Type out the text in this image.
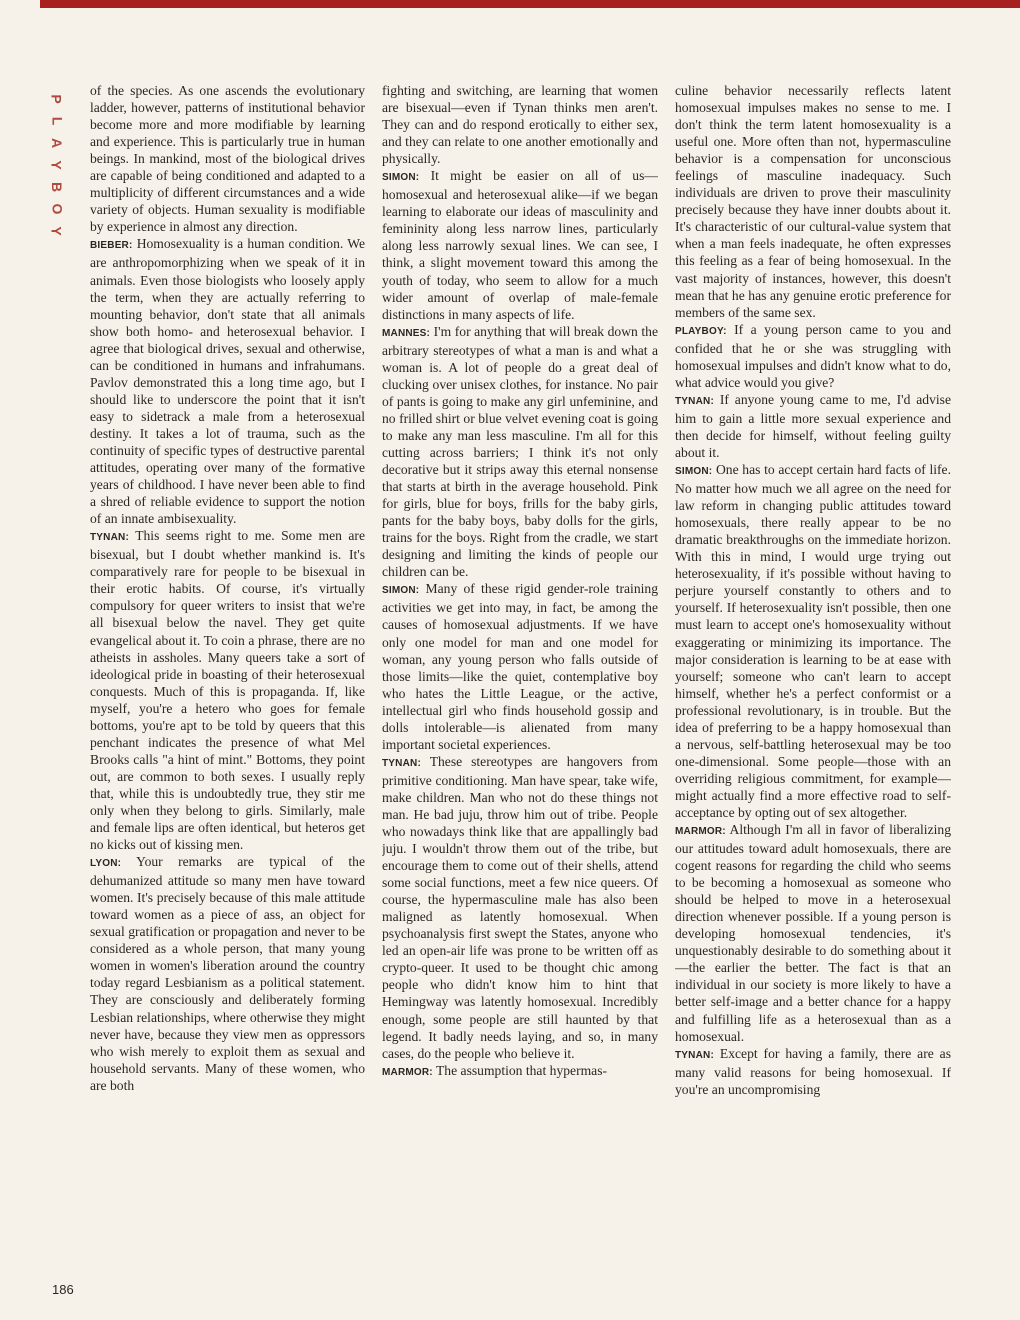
P
L
A
Y
B
O
Y

of the species. As one ascends the evolutionary ladder, however, patterns of institutional behavior become more and more modifiable by learning and experience. This is particularly true in human beings. In mankind, most of the biological drives are capable of being conditioned and adapted to a multiplicity of different circumstances and a wide variety of objects. Human sexuality is modifiable by experience in almost any direction.

BIEBER: Homosexuality is a human condition. We are anthropomorphizing when we speak of it in animals. Even those biologists who loosely apply the term, when they are actually referring to mounting behavior, don't state that all animals show both homo- and heterosexual behavior. I agree that biological drives, sexual and otherwise, can be conditioned in humans and infrahumans. Pavlov demonstrated this a long time ago, but I should like to underscore the point that it isn't easy to sidetrack a male from a heterosexual destiny. It takes a lot of trauma, such as the continuity of specific types of destructive parental attitudes, operating over many of the formative years of childhood. I have never been able to find a shred of reliable evidence to support the notion of an innate ambisexuality.

TYNAN: This seems right to me. Some men are bisexual, but I doubt whether mankind is. It's comparatively rare for people to be bisexual in their erotic habits. Of course, it's virtually compulsory for queer writers to insist that we're all bisexual below the navel. They get quite evangelical about it. To coin a phrase, there are no atheists in assholes. Many queers take a sort of ideological pride in boasting of their heterosexual conquests. Much of this is propaganda. If, like myself, you're a hetero who goes for female bottoms, you're apt to be told by queers that this penchant indicates the presence of what Mel Brooks calls "a hint of mint." Bottoms, they point out, are common to both sexes. I usually reply that, while this is undoubtedly true, they stir me only when they belong to girls. Similarly, male and female lips are often identical, but heteros get no kicks out of kissing men.

LYON: Your remarks are typical of the dehumanized attitude so many men have toward women. It's precisely because of this male attitude toward women as a piece of ass, an object for sexual gratification or propagation and never to be considered as a whole person, that many young women in women's liberation around the country today regard Lesbianism as a political statement. They are consciously and deliberately forming Lesbian relationships, where otherwise they might never have, because they view men as oppressors who wish merely to exploit them as sexual and household servants. Many of these women, who are both

fighting and switching, are learning that women are bisexual—even if Tynan thinks men aren't. They can and do respond erotically to either sex, and they can relate to one another emotionally and physically.

SIMON: It might be easier on all of us—homosexual and heterosexual alike—if we began learning to elaborate our ideas of masculinity and femininity along less narrow lines, particularly along less narrowly sexual lines. We can see, I think, a slight movement toward this among the youth of today, who seem to allow for a much wider amount of overlap of male-female distinctions in many aspects of life.

MANNES: I'm for anything that will break down the arbitrary stereotypes of what a man is and what a woman is. A lot of people do a great deal of clucking over unisex clothes, for instance. No pair of pants is going to make any girl unfeminine, and no frilled shirt or blue velvet evening coat is going to make any man less masculine. I'm all for this cutting across barriers; I think it's not only decorative but it strips away this eternal nonsense that starts at birth in the average household. Pink for girls, blue for boys, frills for the baby girls, pants for the baby boys, baby dolls for the girls, trains for the boys. Right from the cradle, we start designing and limiting the kinds of people our children can be.

SIMON: Many of these rigid gender-role training activities we get into may, in fact, be among the causes of homosexual adjustments. If we have only one model for man and one model for woman, any young person who falls outside of those limits—like the quiet, contemplative boy who hates the Little League, or the active, intellectual girl who finds household gossip and dolls intolerable—is alienated from many important societal experiences.

TYNAN: These stereotypes are hangovers from primitive conditioning. Man have spear, take wife, make children. Man who not do these things not man. He bad juju, throw him out of tribe. People who nowadays think like that are appallingly bad juju. I wouldn't throw them out of the tribe, but encourage them to come out of their shells, attend some social functions, meet a few nice queers. Of course, the hypermasculine male has also been maligned as latently homosexual. When psychoanalysis first swept the States, anyone who led an open-air life was prone to be written off as crypto-queer. It used to be thought chic among people who didn't know him to hint that Hemingway was latently homosexual. Incredibly enough, some people are still haunted by that legend. It badly needs laying, and so, in many cases, do the people who believe it.

MARMOR: The assumption that hypermas-

culine behavior necessarily reflects latent homosexual impulses makes no sense to me. I don't think the term latent homosexuality is a useful one. More often than not, hypermasculine behavior is a compensation for unconscious feelings of masculine inadequacy. Such individuals are driven to prove their masculinity precisely because they have inner doubts about it. It's characteristic of our cultural-value system that when a man feels inadequate, he often expresses this feeling as a fear of being homosexual. In the vast majority of instances, however, this doesn't mean that he has any genuine erotic preference for members of the same sex.

PLAYBOY: If a young person came to you and confided that he or she was struggling with homosexual impulses and didn't know what to do, what advice would you give?

TYNAN: If anyone young came to me, I'd advise him to gain a little more sexual experience and then decide for himself, without feeling guilty about it.

SIMON: One has to accept certain hard facts of life. No matter how much we all agree on the need for law reform in changing public attitudes toward homosexuals, there really appear to be no dramatic breakthroughs on the immediate horizon. With this in mind, I would urge trying out heterosexuality, if it's possible without having to perjure yourself constantly to others and to yourself. If heterosexuality isn't possible, then one must learn to accept one's homosexuality without exaggerating or minimizing its importance. The major consideration is learning to be at ease with yourself; someone who can't learn to accept himself, whether he's a perfect conformist or a professional revolutionary, is in trouble. But the idea of preferring to be a happy homosexual than a nervous, self-battling heterosexual may be too one-dimensional. Some people—those with an overriding religious commitment, for example—might actually find a more effective road to self-acceptance by opting out of sex altogether.

MARMOR: Although I'm all in favor of liberalizing our attitudes toward adult homosexuals, there are cogent reasons for regarding the child who seems to be becoming a homosexual as someone who should be helped to move in a heterosexual direction whenever possible. If a young person is developing homosexual tendencies, it's unquestionably desirable to do something about it—the earlier the better. The fact is that an individual in our society is more likely to have a better self-image and a better chance for a happy and fulfilling life as a heterosexual than as a homosexual.

TYNAN: Except for having a family, there are as many valid reasons for being homosexual. If you're an uncompromising

186
